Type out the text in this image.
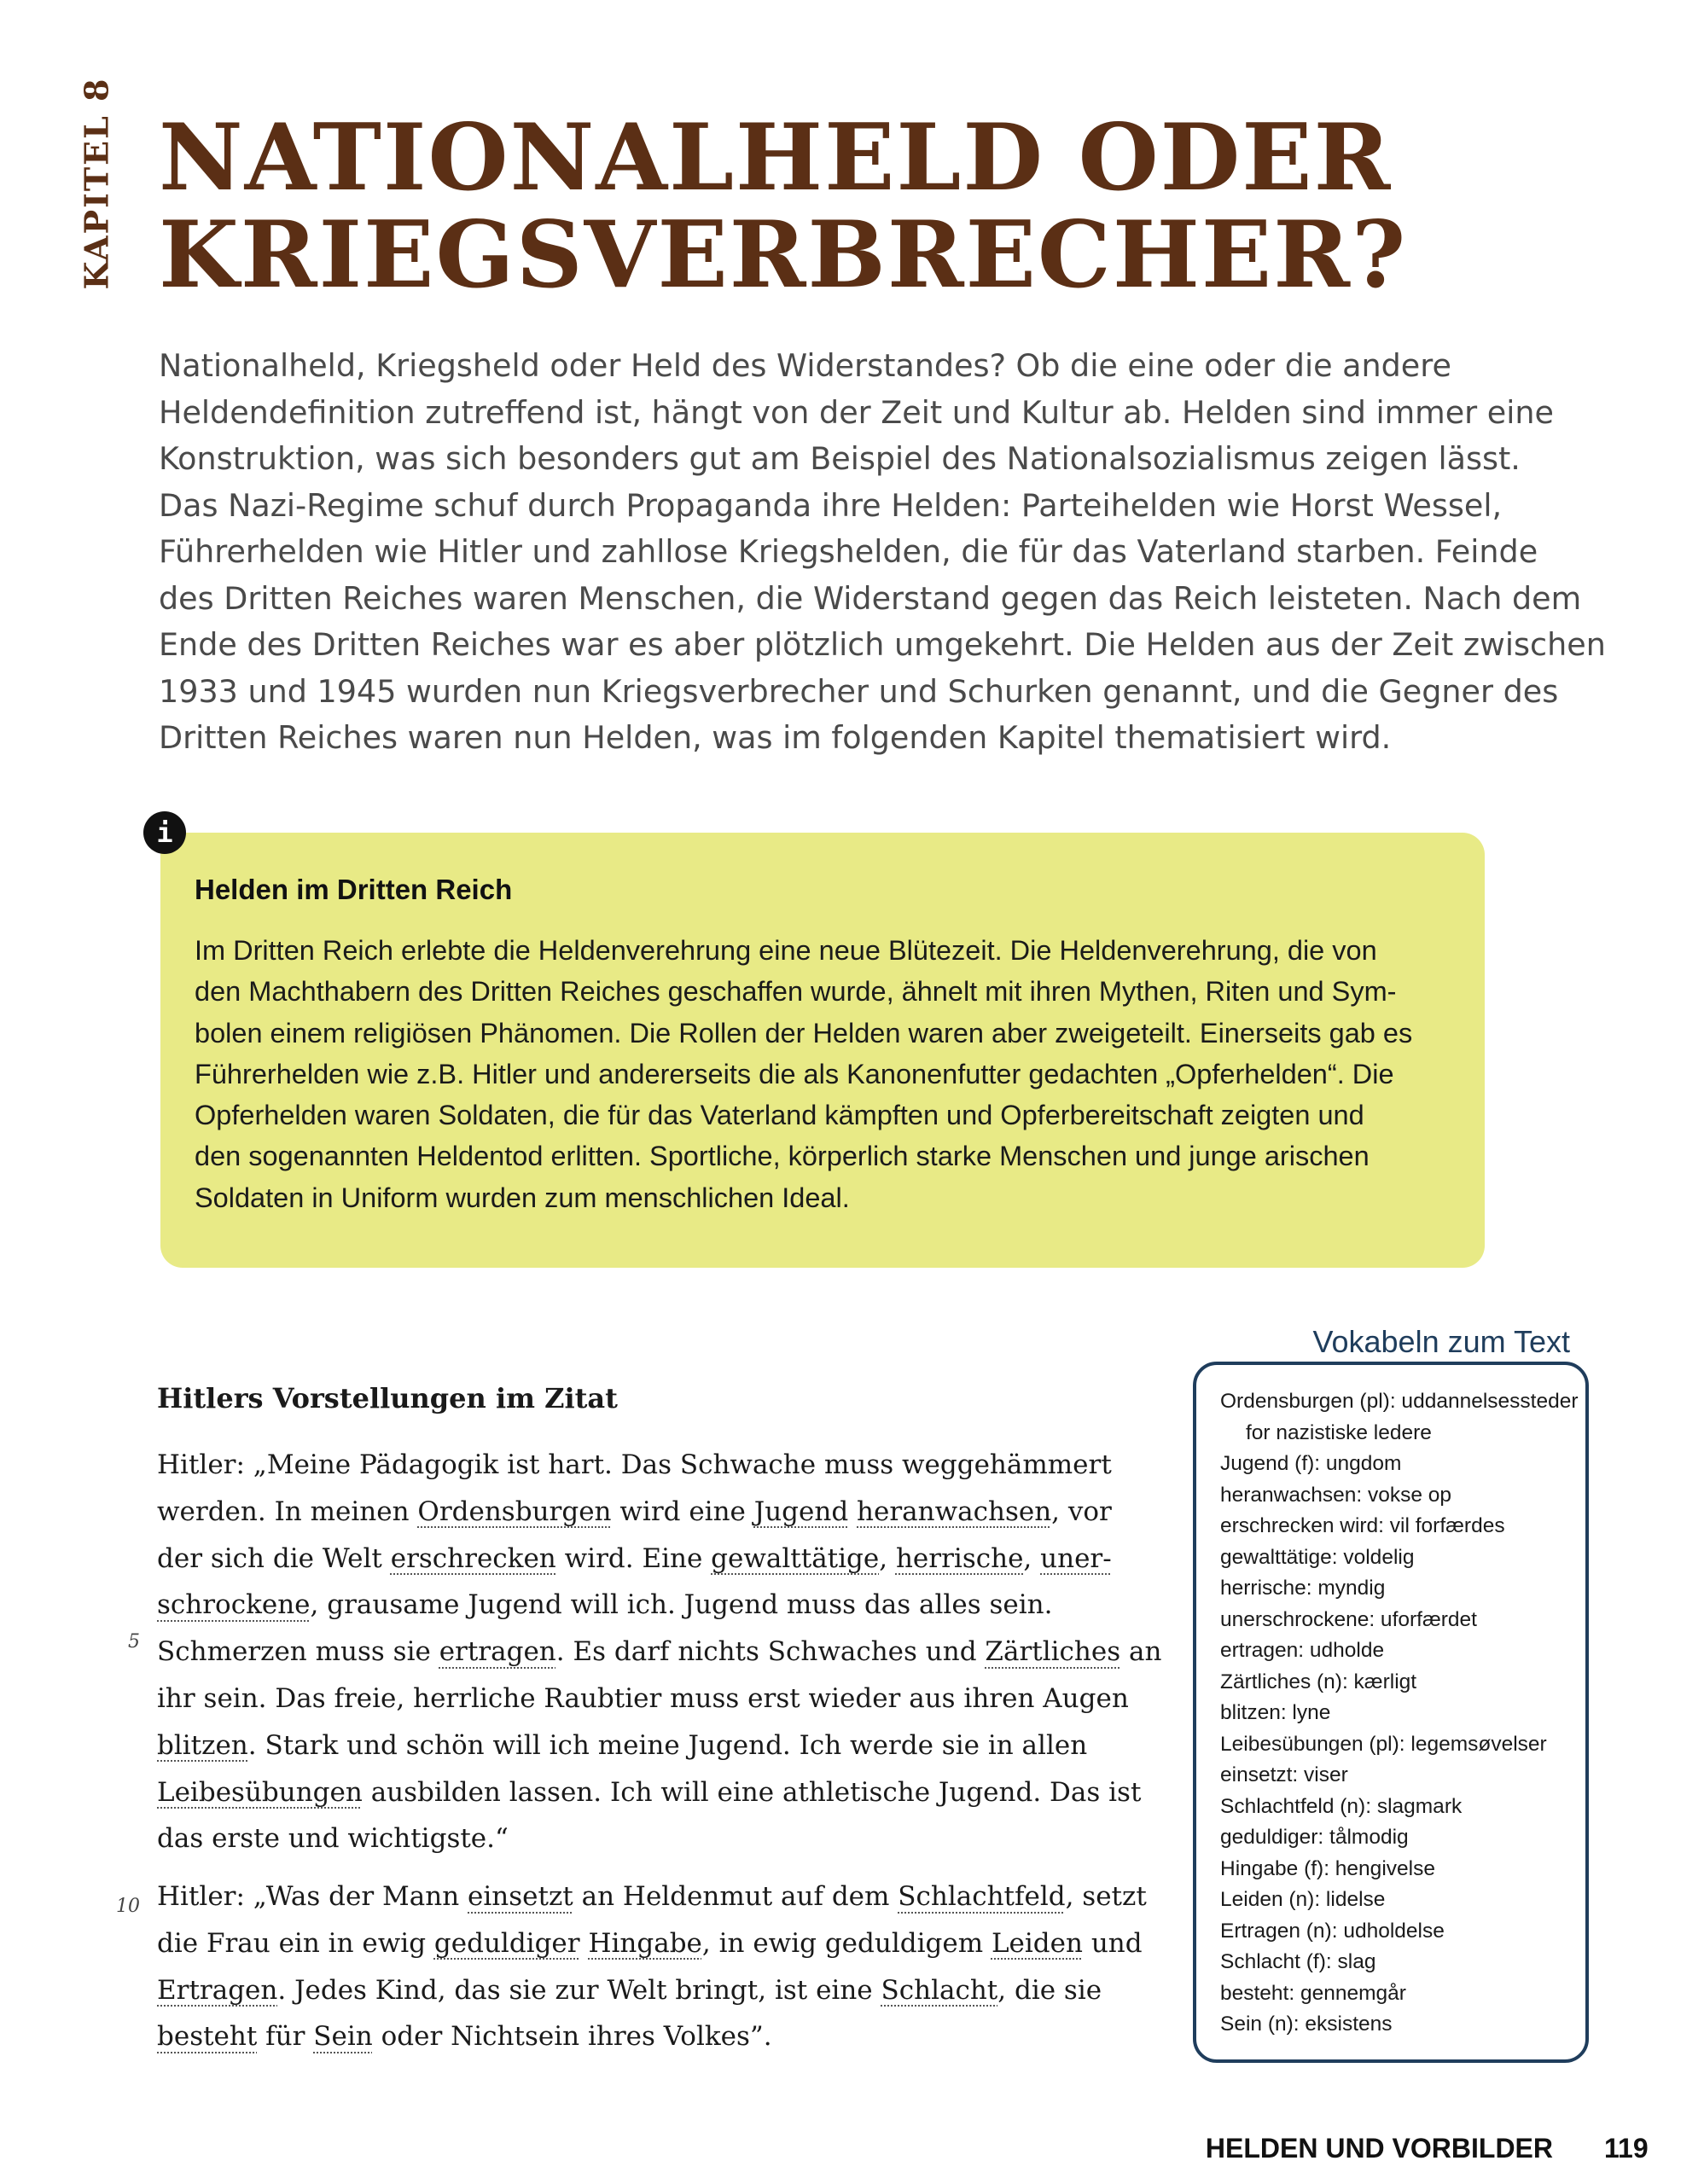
KAPITEL 8 NATIONALHELD ODER
KRIEGSVERBRECHER?

Nationalheld, Kriegsheld oder Held des Widerstandes? Ob die eine oder die andere
Heldendefinition zutreffend ist, hängt von der Zeit und Kultur ab. Helden sind immer eine
Konstruktion, was sich besonders gut am Beispiel des Nationalsozialismus zeigen lässt.
Das Nazi-Regime schuf durch Propaganda ihre Helden: Parteihelden wie Horst Wessel,
Führerhelden wie Hitler und zahllose Kriegshelden, die für das Vaterland starben. Feinde
des Dritten Reiches waren Menschen, die Widerstand gegen das Reich leisteten. Nach dem
Ende des Dritten Reiches war es aber plötzlich umgekehrt. Die Helden aus der Zeit zwischen
1933 und 1945 wurden nun Kriegsverbrecher und Schurken genannt, und die Gegner des
Dritten Reiches waren nun Helden, was im folgenden Kapitel thematisiert wird.

i
Helden im Dritten Reich

Im Dritten Reich erlebte die Heldenverehrung eine neue Blütezeit. Die Heldenverehrung, die von
den Machthabern des Dritten Reiches geschaffen wurde, ähnelt mit ihren Mythen, Riten und Sym-
bolen einem religiösen Phänomen. Die Rollen der Helden waren aber zweigeteilt. Einerseits gab es
Führerhelden wie z.B. Hitler und andererseits die als Kanonenfutter gedachten „Opferhelden“. Die
Opferhelden waren Soldaten, die für das Vaterland kämpften und Opferbereitschaft zeigten und
den sogenannten Heldentod erlitten. Sportliche, körperlich starke Menschen und junge arischen
Soldaten in Uniform wurden zum menschlichen Ideal.

Hitlers Vorstellungen im Zitat
5
10

Hitler: „Meine Pädagogik ist hart. Das Schwache muss weggehämmert
werden. In meinen Ordensburgen wird eine Jugend heranwachsen, vor
der sich die Welt erschrecken wird. Eine gewalttätige, herrische, uner-
schrockene, grausame Jugend will ich. Jugend muss das alles sein.
Schmerzen muss sie ertragen. Es darf nichts Schwaches und Zärtliches an
ihr sein. Das freie, herrliche Raubtier muss erst wieder aus ihren Augen
blitzen. Stark und schön will ich meine Jugend. Ich werde sie in allen
Leibesübungen ausbilden lassen. Ich will eine athletische Jugend. Das ist
das erste und wichtigste.“

Hitler: „Was der Mann einsetzt an Heldenmut auf dem Schlachtfeld, setzt
die Frau ein in ewig geduldiger Hingabe, in ewig geduldigem Leiden und
Ertragen. Jedes Kind, das sie zur Welt bringt, ist eine Schlacht, die sie
besteht für Sein oder Nichtsein ihres Volkes”.

Vokabeln zum Text
Ordensburgen (pl): uddannelsessteder
for nazistiske ledere
Jugend (f): ungdom
heranwachsen: vokse op
erschrecken wird: vil forfærdes
gewalttätige: voldelig
herrische: myndig
unerschrockene: uforfærdet
ertragen: udholde
Zärtliches (n): kærligt
blitzen: lyne
Leibesübungen (pl): legemsøvelser
einsetzt: viser
Schlachtfeld (n): slagmark
geduldiger: tålmodig
Hingabe (f): hengivelse
Leiden (n): lidelse
Ertragen (n): udholdelse
Schlacht (f): slag
besteht: gennemgår
Sein (n): eksistens
HELDEN UND VORBILDER 119
